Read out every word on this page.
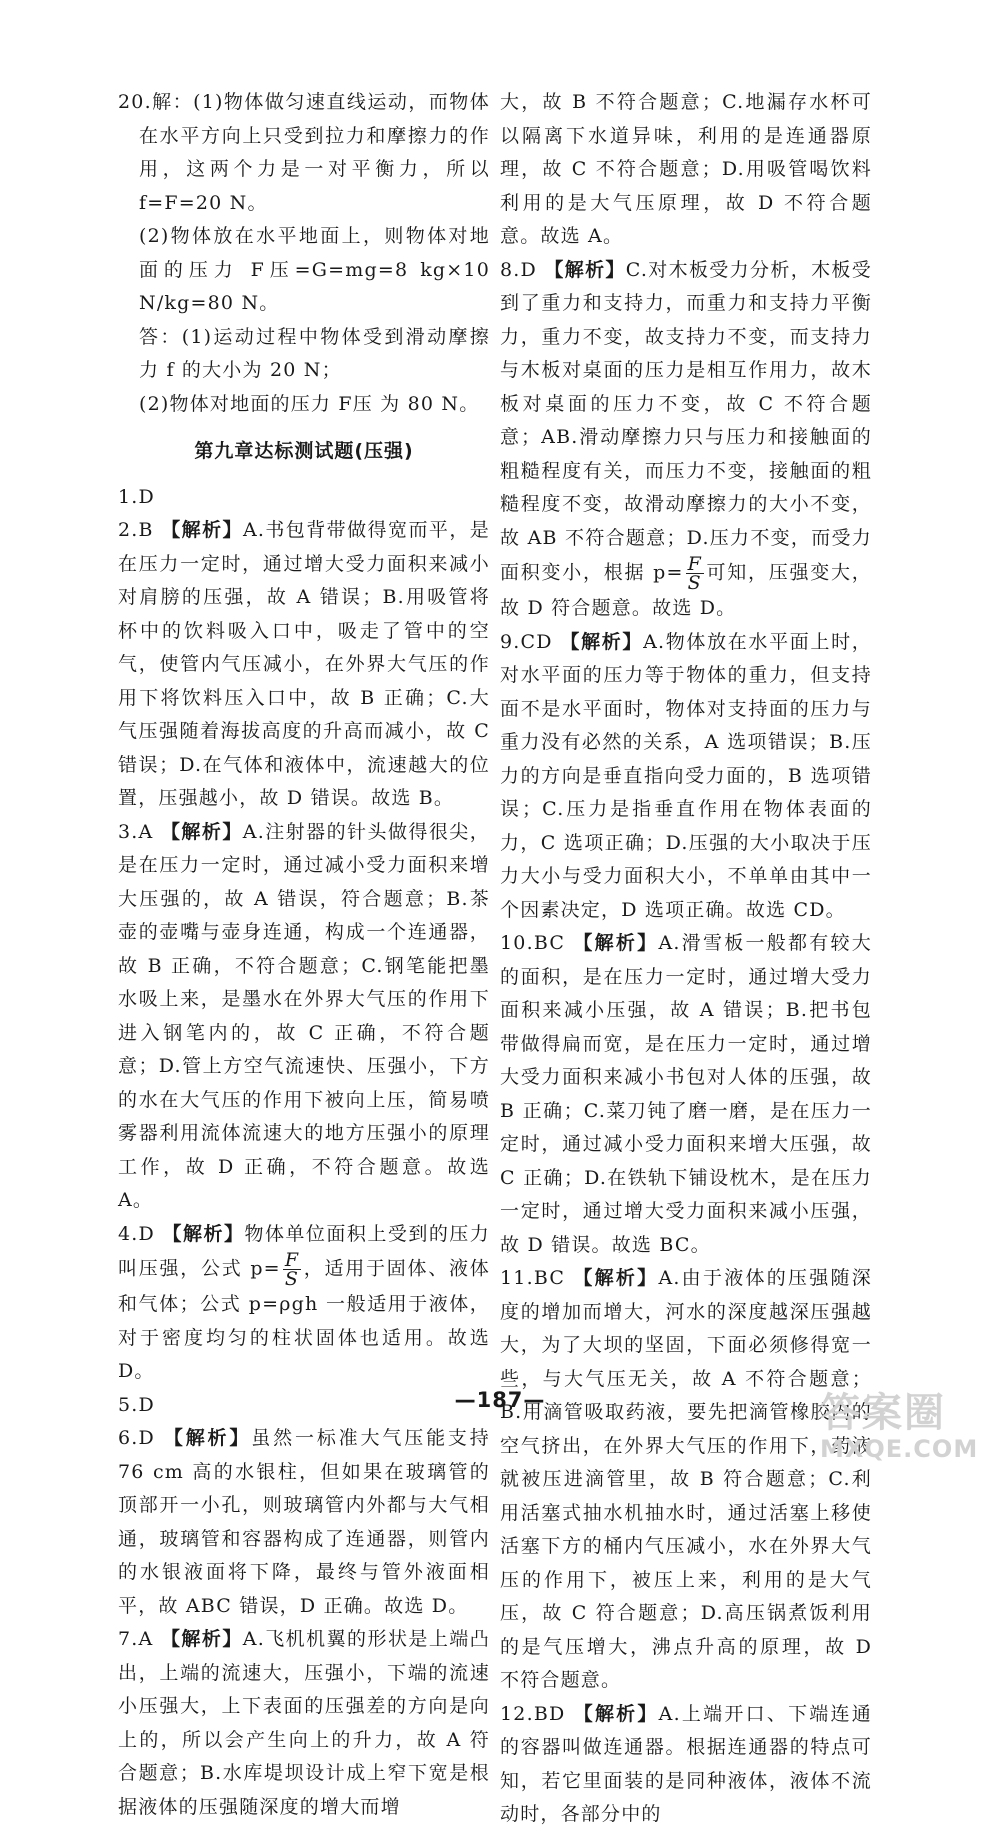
20.解：(1)物体做匀速直线运动，而物体在水平方向上只受到拉力和摩擦力的作用，这两个力是一对平衡力，所以 f=F=20 N。

(2)物体放在水平地面上，则物体对地面的压力 F压=G=mg=8 kg×10 N/kg=80 N。

答：(1)运动过程中物体受到滑动摩擦力 f 的大小为 20 N；

(2)物体对地面的压力 F压 为 80 N。

第九章达标测试题(压强)

1.D

2.B 【解析】A.书包背带做得宽而平，是在压力一定时，通过增大受力面积来减小对肩膀的压强，故 A 错误；B.用吸管将杯中的饮料吸入口中，吸走了管中的空气，使管内气压减小，在外界大气压的作用下将饮料压入口中，故 B 正确；C.大气压强随着海拔高度的升高而减小，故 C 错误；D.在气体和液体中，流速越大的位置，压强越小，故 D 错误。故选 B。

3.A 【解析】A.注射器的针头做得很尖，是在压力一定时，通过减小受力面积来增大压强的，故 A 错误，符合题意；B.茶壶的壶嘴与壶身连通，构成一个连通器，故 B 正确，不符合题意；C.钢笔能把墨水吸上来，是墨水在外界大气压的作用下进入钢笔内的，故 C 正确，不符合题意；D.管上方空气流速快、压强小，下方的水在大气压的作用下被向上压，简易喷雾器利用流体流速大的地方压强小的原理工作，故 D 正确，不符合题意。故选 A。

4.D 【解析】物体单位面积上受到的压力叫压强，公式 $p= \frac{F}{S}$ ，适用于固体、液体和气体；公式 p=ρgh 一般适用于液体，对于密度均匀的柱状固体也适用。故选 D。

5.D

6.D 【解析】虽然一标准大气压能支持 76 cm 高的水银柱，但如果在玻璃管的顶部开一小孔，则玻璃管内外都与大气相通，玻璃管和容器构成了连通器，则管内的水银液面将下降，最终与管外液面相平，故 ABC 错误，D 正确。故选 D。

7.A 【解析】A.飞机机翼的形状是上端凸出，上端的流速大，压强小，下端的流速小压强大，上下表面的压强差的方向是向上的，所以会产生向上的升力，故 A 符合题意；B.水库堤坝设计成上窄下宽是根据液体的压强随深度的增大而增

大，故 B 不符合题意；C.地漏存水杯可以隔离下水道异味，利用的是连通器原理，故 C 不符合题意；D.用吸管喝饮料利用的是大气压原理，故 D 不符合题意。故选 A。

8.D 【解析】C.对木板受力分析，木板受到了重力和支持力，而重力和支持力平衡力，重力不变，故支持力不变，而支持力与木板对桌面的压力是相互作用力，故木板对桌面的压力不变，故 C 不符合题意；AB.滑动摩擦力只与压力和接触面的粗糙程度有关，而压力不变，接触面的粗糙程度不变，故滑动摩擦力的大小不变，故 AB 不符合题意；D.压力不变，而受力面积变小，根据 $p= \frac{F}{S}$ 可知，压强变大，故 D 符合题意。故选 D。

9.CD 【解析】A.物体放在水平面上时，对水平面的压力等于物体的重力，但支持面不是水平面时，物体对支持面的压力与重力没有必然的关系，A 选项错误；B.压力的方向是垂直指向受力面的，B 选项错误；C.压力是指垂直作用在物体表面的力，C 选项正确；D.压强的大小取决于压力大小与受力面积大小，不单单由其中一个因素决定，D 选项正确。故选 CD。

10.BC 【解析】A.滑雪板一般都有较大的面积，是在压力一定时，通过增大受力面积来减小压强，故 A 错误；B.把书包带做得扁而宽，是在压力一定时，通过增大受力面积来减小书包对人体的压强，故 B 正确；C.菜刀钝了磨一磨，是在压力一定时，通过减小受力面积来增大压强，故 C 正确；D.在铁轨下铺设枕木，是在压力一定时，通过增大受力面积来减小压强，故 D 错误。故选 BC。

11.BC 【解析】A.由于液体的压强随深度的增加而增大，河水的深度越深压强越大，为了大坝的坚固，下面必须修得宽一些，与大气压无关，故 A 不符合题意；B.用滴管吸取药液，要先把滴管橡胶内的空气挤出，在外界大气压的作用下，药液就被压进滴管里，故 B 符合题意；C.利用活塞式抽水机抽水时，通过活塞上移使活塞下方的桶内气压减小，水在外界大气压的作用下，被压上来，利用的是大气压，故 C 符合题意；D.高压锅煮饭利用的是气压增大，沸点升高的原理，故 D 不符合题意。

12.BD 【解析】A.上端开口、下端连通的容器叫做连通器。根据连通器的特点可知，若它里面装的是同种液体，液体不流动时，各部分中的

—187—	答案圈
MXQE.COM
